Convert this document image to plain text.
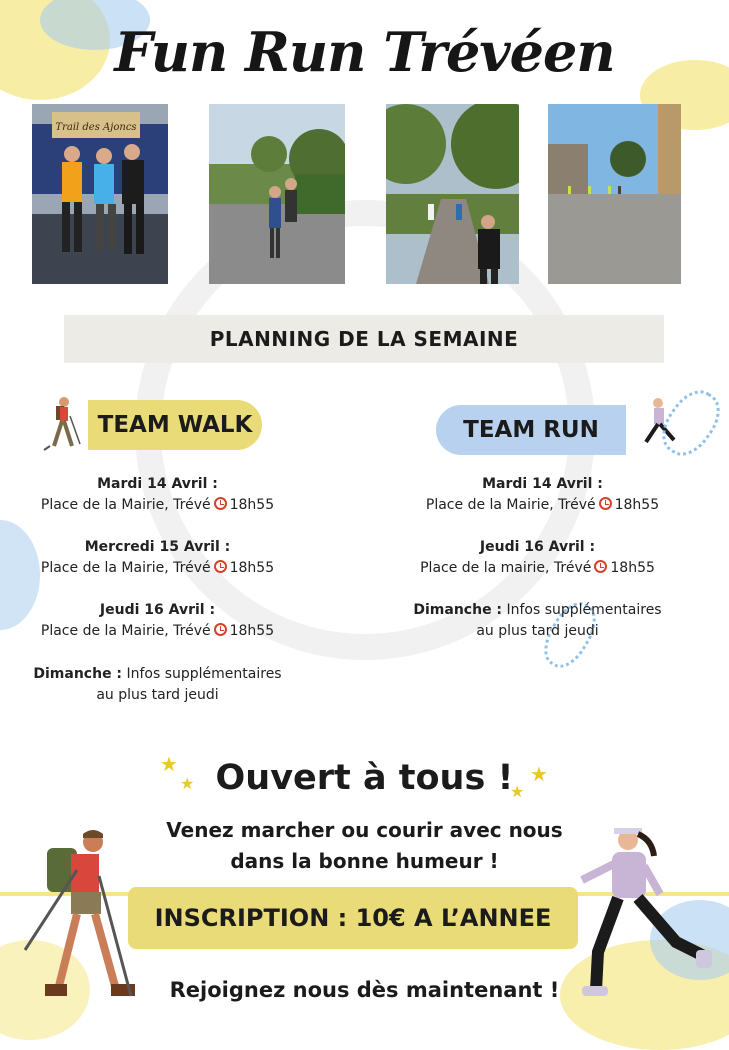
Fun Run Trévéen
Trail des Ajoncs
PLANNING DE LA SEMAINE
TEAM WALK	TEAM RUN
Mardi 14 Avril :
Place de la Mairie, Trévé 18h55
Mercredi 15 Avril :
Place de la Mairie, Trévé 18h55
Jeudi 16 Avril :
Place de la Mairie, Trévé 18h55
Dimanche : Infos supplémentaires
au plus tard jeudi
Mardi 14 Avril :
Place de la Mairie, Trévé 18h55
Jeudi 16 Avril :
Place de la mairie, Trévé 18h55
Dimanche : Infos supplémentaires
au plus tard jeudi
★
★	★
★
Ouvert à tous !
Venez marcher ou courir avec nous
dans la bonne humeur !
INSCRIPTION : 10€ A L’ANNEE
Rejoignez nous dès maintenant !
